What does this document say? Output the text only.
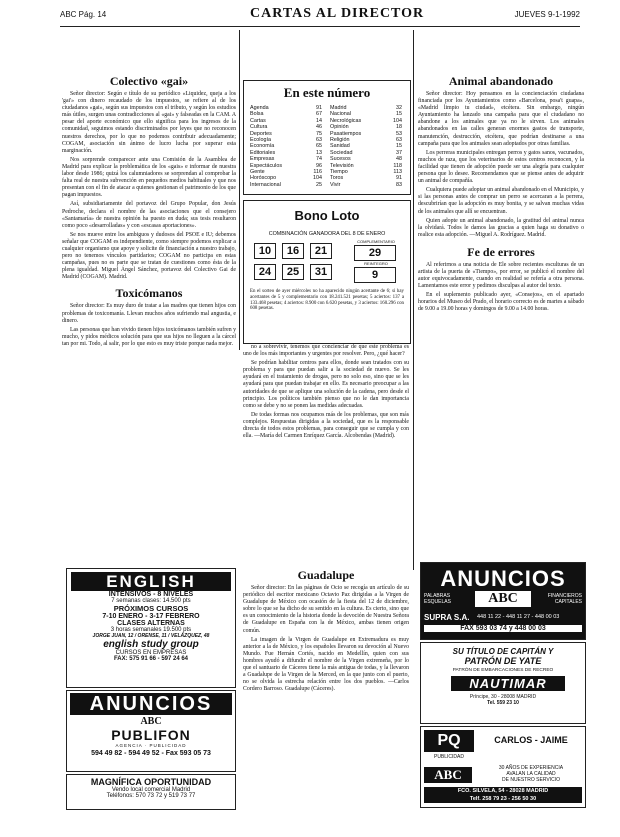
ABC Pág. 14	CARTAS AL DIRECTOR	JUEVES 9-1-1992
Colectivo «gai»

Señor director: Según e título de su periódico «Liquidez, queja a los 'gai'» con dinero recaudado de los impuestos, se refiere al de los ciudadanos «gai», según sus impuestos con el tributo, y según los estudios más útiles, surgen unas contradicciones al «gai» y falseadas en la CAM. A pesar del aporte económico que ello significa para los ingresos de la comunidad, seguimos estando discriminados por leyes que no reconocen nuestros derechos, por lo que no podemos contribuir adecuadamente; COGAM, asociación sin ánimo de lucro lucha por superar esta marginación.

Nos sorprende comparecer ante una Comisión de la Asamblea de Madrid para explicar la problemática de los «gais» e informar de nuestra labor desde 1986; quizá los calumniadores se sorprendan al comprobar la falta real de nuestra subvención en pequeños medios habituales y que nos presentan con el fin de atacar a quienes gestionan el patrimonio de los que pagan impuestos.

Así, subsidiariamente del portavoz del Grupo Popular, don Jesús Pedroche, declara el nombre de las asociaciones que el consejero «Santamaría» de nuestra opinión ha puesto en duda; sus tesis resultaron como poco «desarrolladas» y con «escasas aportaciones».

Se nos mueve entre los ambiguos y dudosos del PSOE e IU; debemos señalar que COGAM es independiente, como siempre podemos explicar a cualquier organismo que apoye y solicite de financiación a nuestro trabajo, pero no tenemos vínculos partidarios; COGAM no participa en estas campañas, pues no es parte que se tratan de cuestiones como ésta de la plena igualdad. Miguel Ángel Sánchez, portavoz del Colectivo Gai de Madrid (COGAM). Madrid.

Toxicómanos

Señor director: Es muy duro de tratar a las madres que tienen hijos con problemas de toxicomanía. Llevan muchos años sufriendo mal angustia, e dinero.

Las personas que han vivido tienen hijos toxicómanos también sufren y mucho, y pidos médicos solución para que sus hijos no lleguen a la cárcel tan por mi. Todo, al salir, por lo que esto es muy triste porque nada mejor.

En este número
Agenda	91
Bolsa	67
Cartas	14
Cultura	46
Deportes	75
Ecología	63
Economía	65
Editoriales	13
Empresas	74
Espectáculos	96
Gente	116
Horóscopo	104
Internacional	25
Madrid	32
Nacional	15
Necrológicas	104
Opinión	18
Pasatiempos	53
Religión	63
Sanidad	15
Sociedad	37
Sucesos	48
Televisión	118
Tiempo	113
Toros	91
Vivir	83
Bono Loto
COMBINACIÓN GANADORA DEL 8 DE ENERO
10	16	21
24	25	31
COMPLEMENTARIO
29
REINTEGRO
9
En el sorteo de ayer miércoles no ha aparecido ningún acertante de 6; si hay acertantes de 5 y complementario con 18.241.521 pesetas; 5 aciertos: 137 a 133.468 pesetas; 4 aciertos: 8.900 con 6.620 pesetas, y 3 aciertos: 160.296 con 608 pesetas.

no a sobrevivir, tenemos que concienciar de que este problema es uno de los más importantes y urgentes por resolver. Pero, ¿qué hacer?

Se podrían habilitar centros para ellos, donde sean tratados con su problema y para que puedan salir a la sociedad de nuevo. Se les ayudará en el tratamiento de drogas, pero no solo eso, sino que se les ayudará para que puedan trabajar en ello. Es necesario preocupar a las autoridades de que se aplique una solución de la cadena, pero desde el principio. Los políticos también pienso que no le dan importancia como se debe y no se ponen las medidas adecuadas.

De todas formas nos ocupamos más de los problemas, que son más complejos. Respuestas dirigidas a la sociedad, que es la responsable directa de todos estos problemas, para conseguir que se cumpla y con ella. —María del Carmen Enríquez García. Alcobendas (Madrid).

Guadalupe

Señor director: En las páginas de Ocio se recogía un artículo de su periódico del escritor mexicano Octavio Paz dirigidas a la Virgen de Guadalupe de México con ocasión de la fiesta del 12 de diciembre, sobre lo que se ha dicho de su sentido en la cultura. Es cierto, sino que es un conocimiento de la historia donde la devoción de Nuestra Señora de Guadalupe en España con la de México, ambas tienen origen común.

La imagen de la Virgen de Guadalupe en Extremadura es muy anterior a la de México, y los españoles llevaron su devoción al Nuevo Mundo. Fue Hernán Cortés, nacido en Medellín, quien con sus hombres ayudó a difundir el nombre de la Virgen extremeña, por lo que el santuario de Cáceres tiene la más antigua de todas, y la llevaron a Guadalupe de la Virgen de la Merced, en la que junto con el puerto, no se olvida la estrecha relación entre los dos pueblos. —Carlos Cordero Barroso. Guadalupe (Cáceres).

Animal abandonado

Señor director: Hoy pensamos en la concienciación ciudadana financiada por los Ayuntamientos como «Barcelona, posa't guapa», «Madrid limpio tu ciudad», etcétera. Sin embargo, ningún Ayuntamiento ha lanzado una campaña para que el ciudadano no abandone a los animales que ya no le sirven. Los animales abandonados en las calles generan enormes gastos de transporte, manutención, destrucción, etcétera, que podrían destinarse a una campaña para que los animales sean adoptados por otras familias.

Los perreras municipales entregan perros y gatos sanos, vacunados, muchos de raza, que los veterinarios de estos centros reconocen, y la facilidad que tienen de adopción puede ser una alegría para cualquier persona que lo desee. Recomendamos que se piense antes de adquirir un animal de compañía.

Cualquiera puede adoptar un animal abandonado en el Municipio, y si las personas antes de comprar un perro se acercaran a la perrera, descubrirían que la adopción es muy bonita, y se salvan muchas vidas de los animales que allí se encuentran.

Quien adopte un animal abandonado, la gratitud del animal nunca la olvidará. Todos le damos las gracias a quien haga su donativo o realice esta adopción. —Miguel A. Rodríguez. Madrid.

Fe de errores

Al referirnos a una noticia de Ele sobre recientes esculturas de un artista de la puerta de «Tiempo», por error, se publicó el nombre del autor equivocadamente, cuando en realidad se refería a otra persona. Lamentamos este error y pedimos disculpas al autor del texto.

En el suplemento publicado ayer, «Consejos», en el apartado horarios del Museo del Prado, el horario correcto es de martes a sábado de 9.00 a 19.00 horas y domingos de 9.00 a 14.00 horas.

ENGLISH
INTENSIVOS - 8 NIVELES
7 semanas clases: 14.500 pts
PRÓXIMOS CURSOS
7-10 ENERO - 3-17 FEBRERO
CLASES ALTERNAS
3 horas semanales 19.500 pts
JORGE JUAN, 12 / ORENSE, 11 / VELÁZQUEZ, 48
english study group
CURSOS EN EMPRESAS
FAX: 575 91 66 - 597 24 64
ANUNCIOS
ABC
PUBLIFON
AGENCIA · PUBLICIDAD
594 49 82 - 594 49 52 - Fax 593 05 73
MAGNÍFICA OPORTUNIDAD
Vendo local comercial Madrid
Teléfonos: 570 73 72 y 519 73 77
ANUNCIOS
PALABRAS ESQUELAS	ABC	FINANCIEROS CAPITALES
SUPRA S.A. 448 11 22 - 448 11 27 - 448 00 03
FAX 593 03 74 y 448 00 03
SU TÍTULO DE CAPITÁN Y
PATRÓN DE YATE
PATRÓN DE EMBARCACIONES DE RECREO
NAUTIMAR
Príncipe, 30 - 28008 MADRID
Tel. 559 23 10
PQ
PUBLICIDAD
CARLOS - JAIME
ABC	30 AÑOS DE EXPERIENCIA
AVALAN LA CALIDAD
DE NUESTRO SERVICIO
FCO. SILVELA, 54 - 28028 MADRID
Telf. 258 79 23 - 256 50 30
